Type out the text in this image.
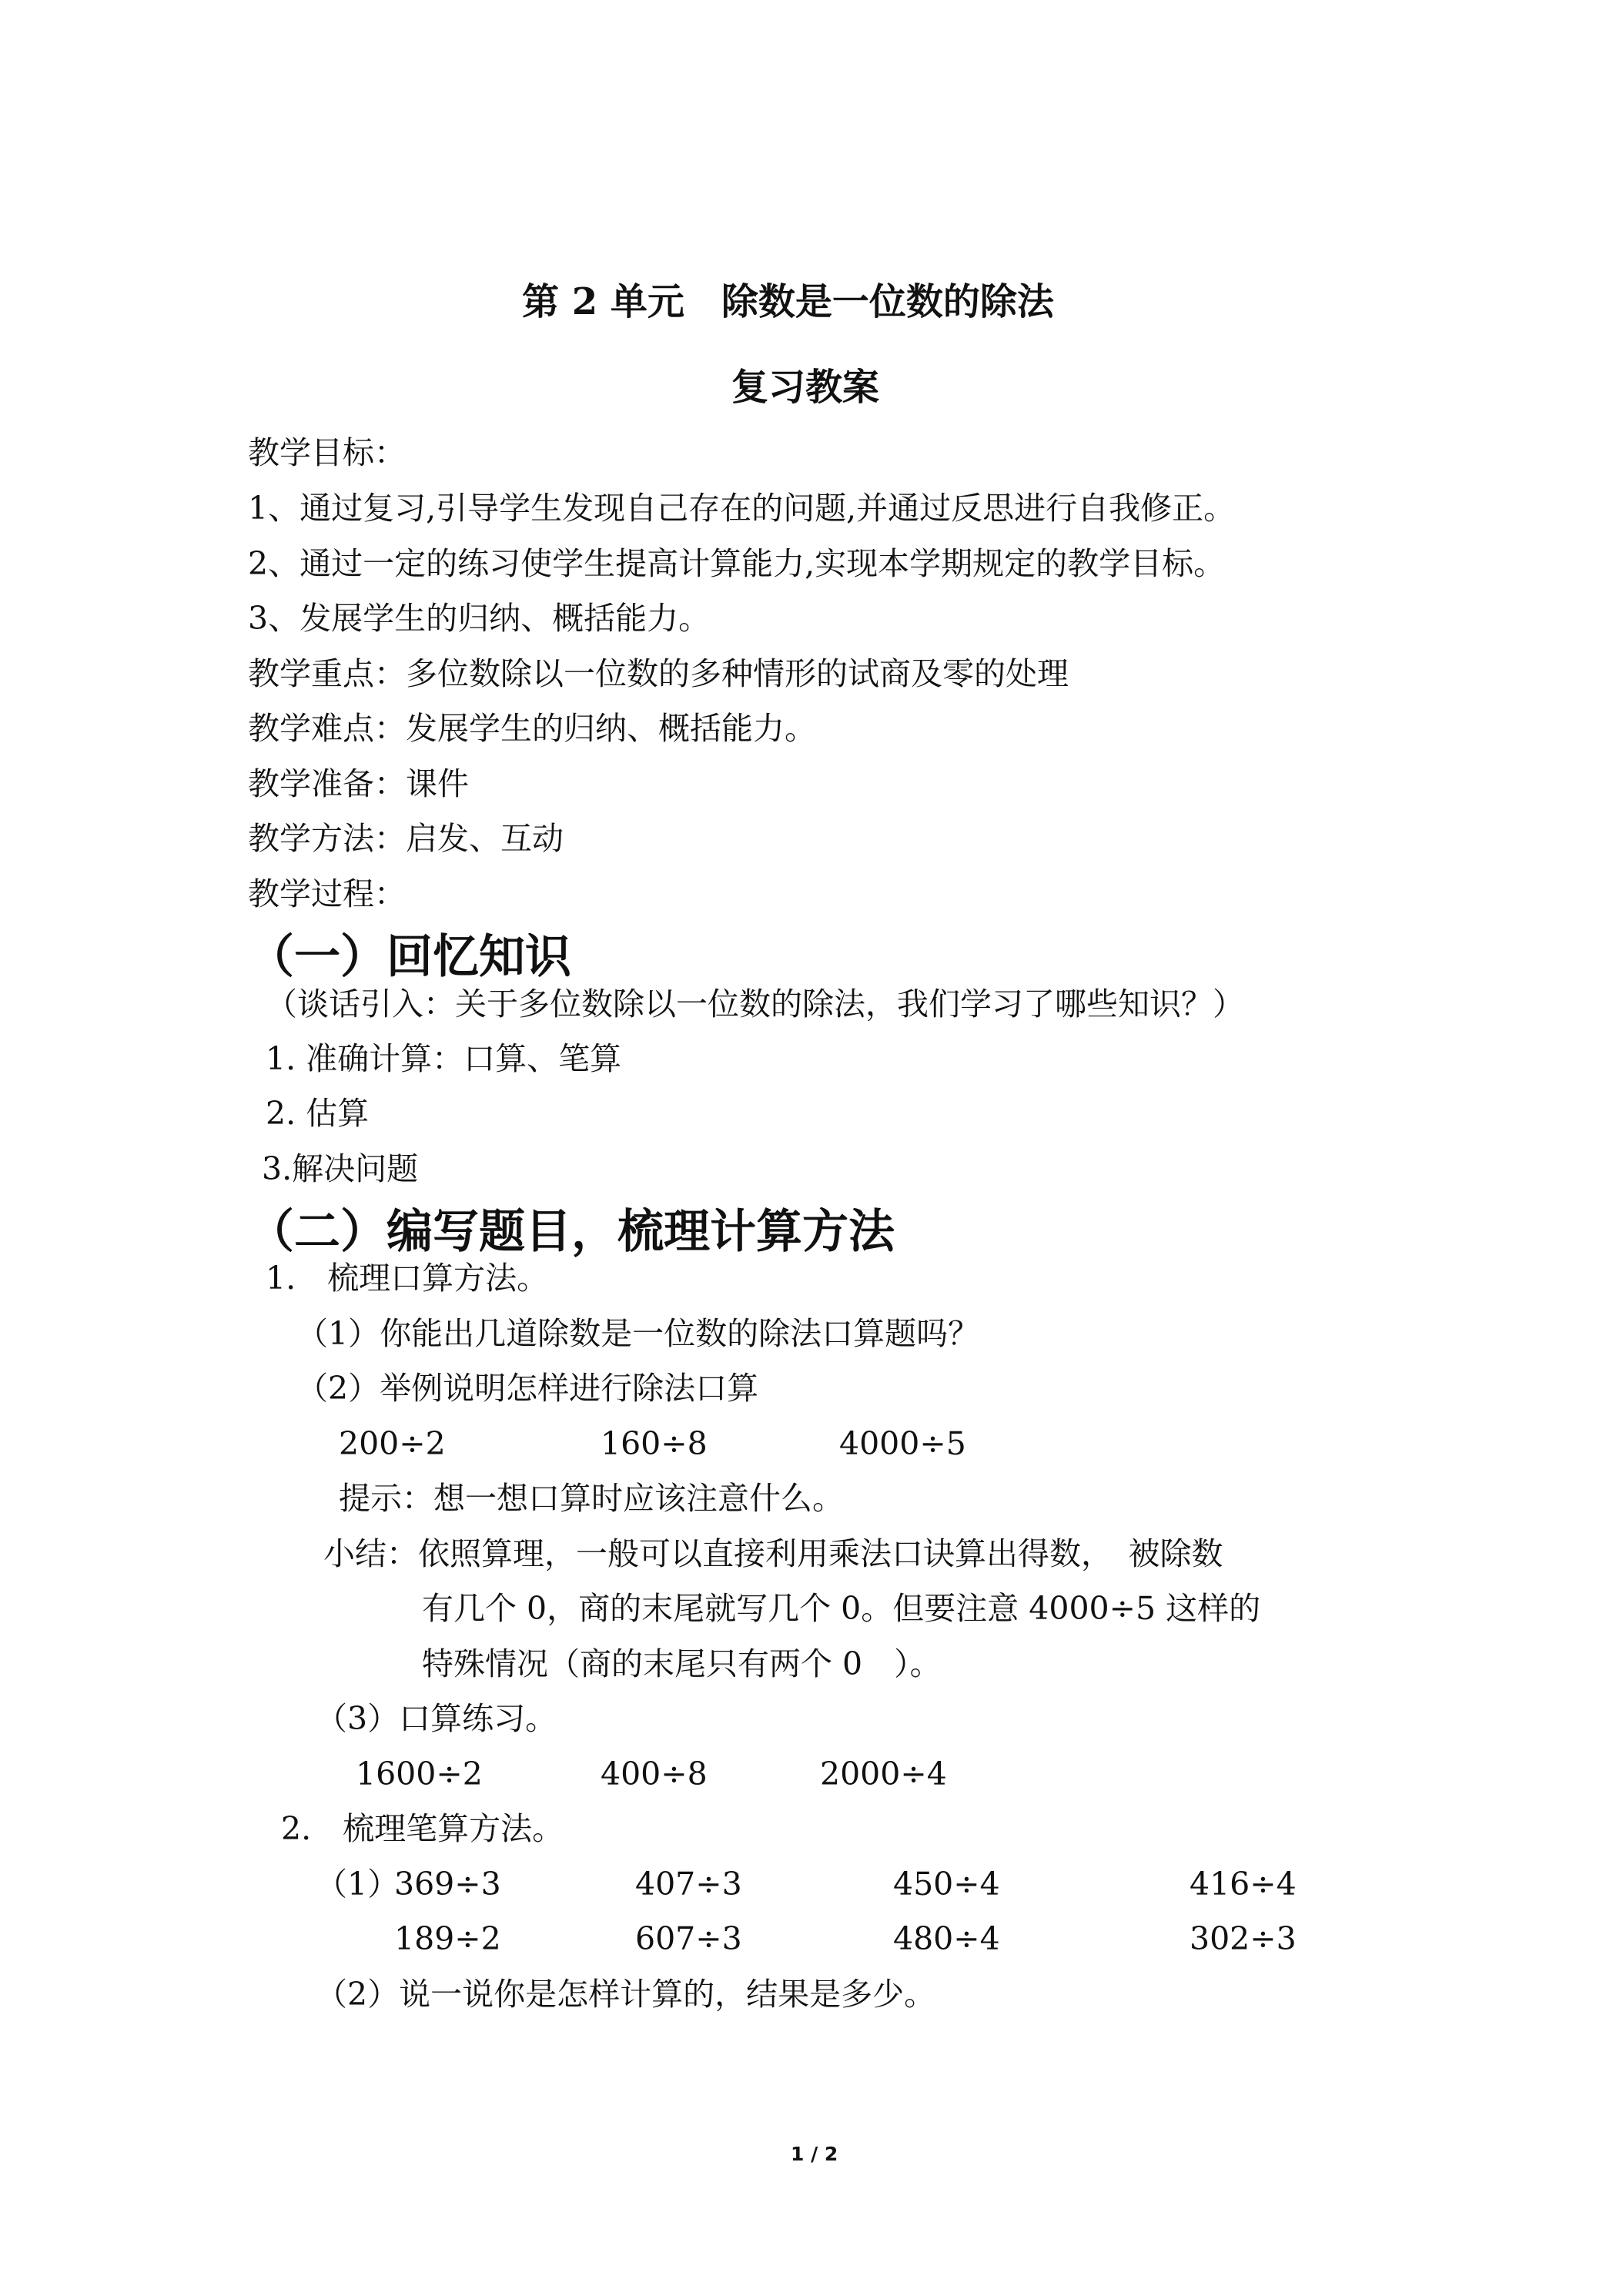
第 2 单元　除数是一位数的除法
复习教案
教学目标：
1、通过复习,引导学生发现自己存在的问题,并通过反思进行自我修正。
2、通过一定的练习使学生提高计算能力,实现本学期规定的教学目标。
3、发展学生的归纳、概括能力。
教学重点：多位数除以一位数的多种情形的试商及零的处理
教学难点：发展学生的归纳、概括能力。
教学准备：课件
教学方法：启发、互动
教学过程：
（一）回忆知识
（谈话引入：关于多位数除以一位数的除法，我们学习了哪些知识？）
1. 准确计算：口算、笔算
2. 估算
3.解决问题
（二）编写题目，梳理计算方法
1.　梳理口算方法。
（1）你能出几道除数是一位数的除法口算题吗？
（2）举例说明怎样进行除法口算
200÷2	160÷8	4000÷5
提示：想一想口算时应该注意什么。
小结：依照算理，一般可以直接利用乘法口诀算出得数，　被除数
有几个 0，商的末尾就写几个 0。但要注意 4000÷5 这样的
特殊情况（商的末尾只有两个 0　）。
（3）口算练习。
1600÷2	400÷8	2000÷4
2.　梳理笔算方法。
（1）
369÷3	407÷3	450÷4	416÷4
189÷2	607÷3	480÷4	302÷3
（2）说一说你是怎样计算的，结果是多少。
1 / 2
